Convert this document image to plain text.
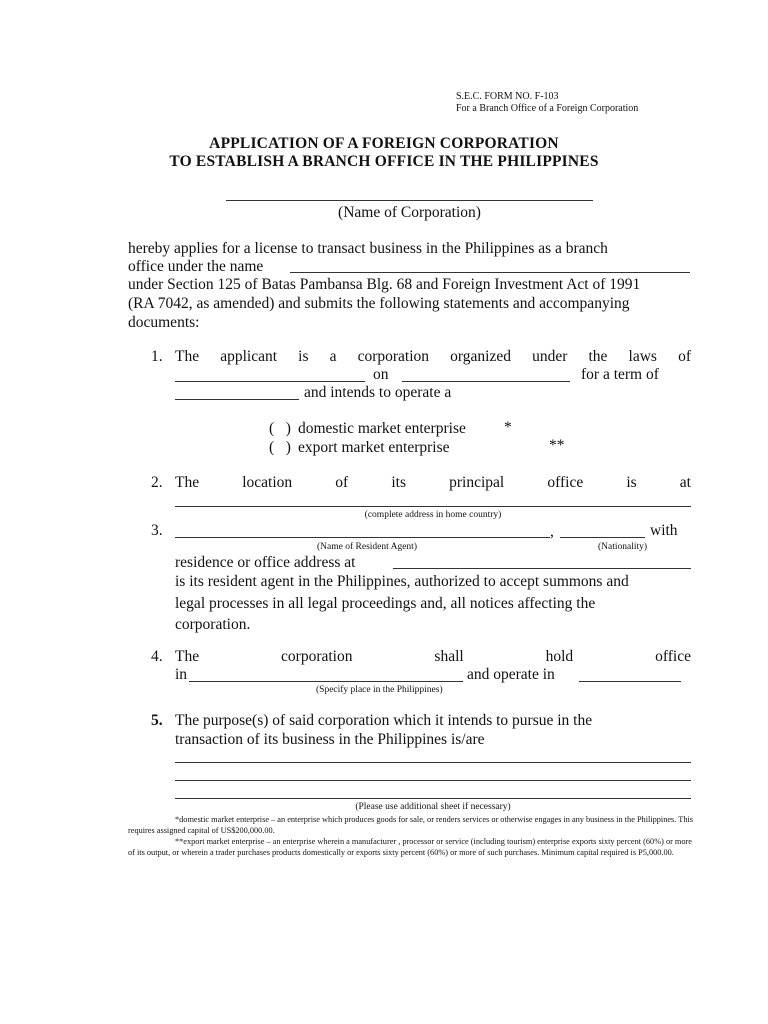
S.E.C. FORM NO. F-103
For a Branch Office of a Foreign Corporation
APPLICATION OF A FOREIGN CORPORATION
TO ESTABLISH A BRANCH OFFICE IN THE PHILIPPINES
(Name of Corporation)
hereby applies for a license to transact business in the Philippines as a branch
office under the name
under Section 125 of Batas Pambansa Blg. 68 and Foreign Investment Act of 1991
(RA 7042, as amended) and submits the following statements and accompanying
documents:
1. The applicant is a corporation organized under the laws of
on	for a term of
and intends to operate a
( ) domestic market enterprise *
( ) export market enterprise	**
2. The	location	of	its	principal	office	is	at
(complete address in home country)
3.	,	with
(Name of Resident Agent)	(Nationality)
residence or office address at
is its resident agent in the Philippines, authorized to accept summons and
legal processes in all legal proceedings and, all notices affecting the
corporation.
4. The	corporation	shall	hold	office
in	and operate in
(Specify place in the Philippines)
5. The purpose(s) of said corporation which it intends to pursue in the
transaction of its business in the Philippines is/are
(Please use additional sheet if necessary)
*domestic market enterprise – an enterprise which produces goods for sale, or renders services or otherwise engages in any business in the Philippines. This requires assigned capital of US$200,000.00.
**export market enterprise – an enterprise wherein a manufacturer , processor or service (including tourism) enterprise exports sixty percent (60%) or more of its output, or wherein a trader purchases products domestically or exports sixty percent (60%) or more of such purchases. Minimum capital required is P5,000.00.
